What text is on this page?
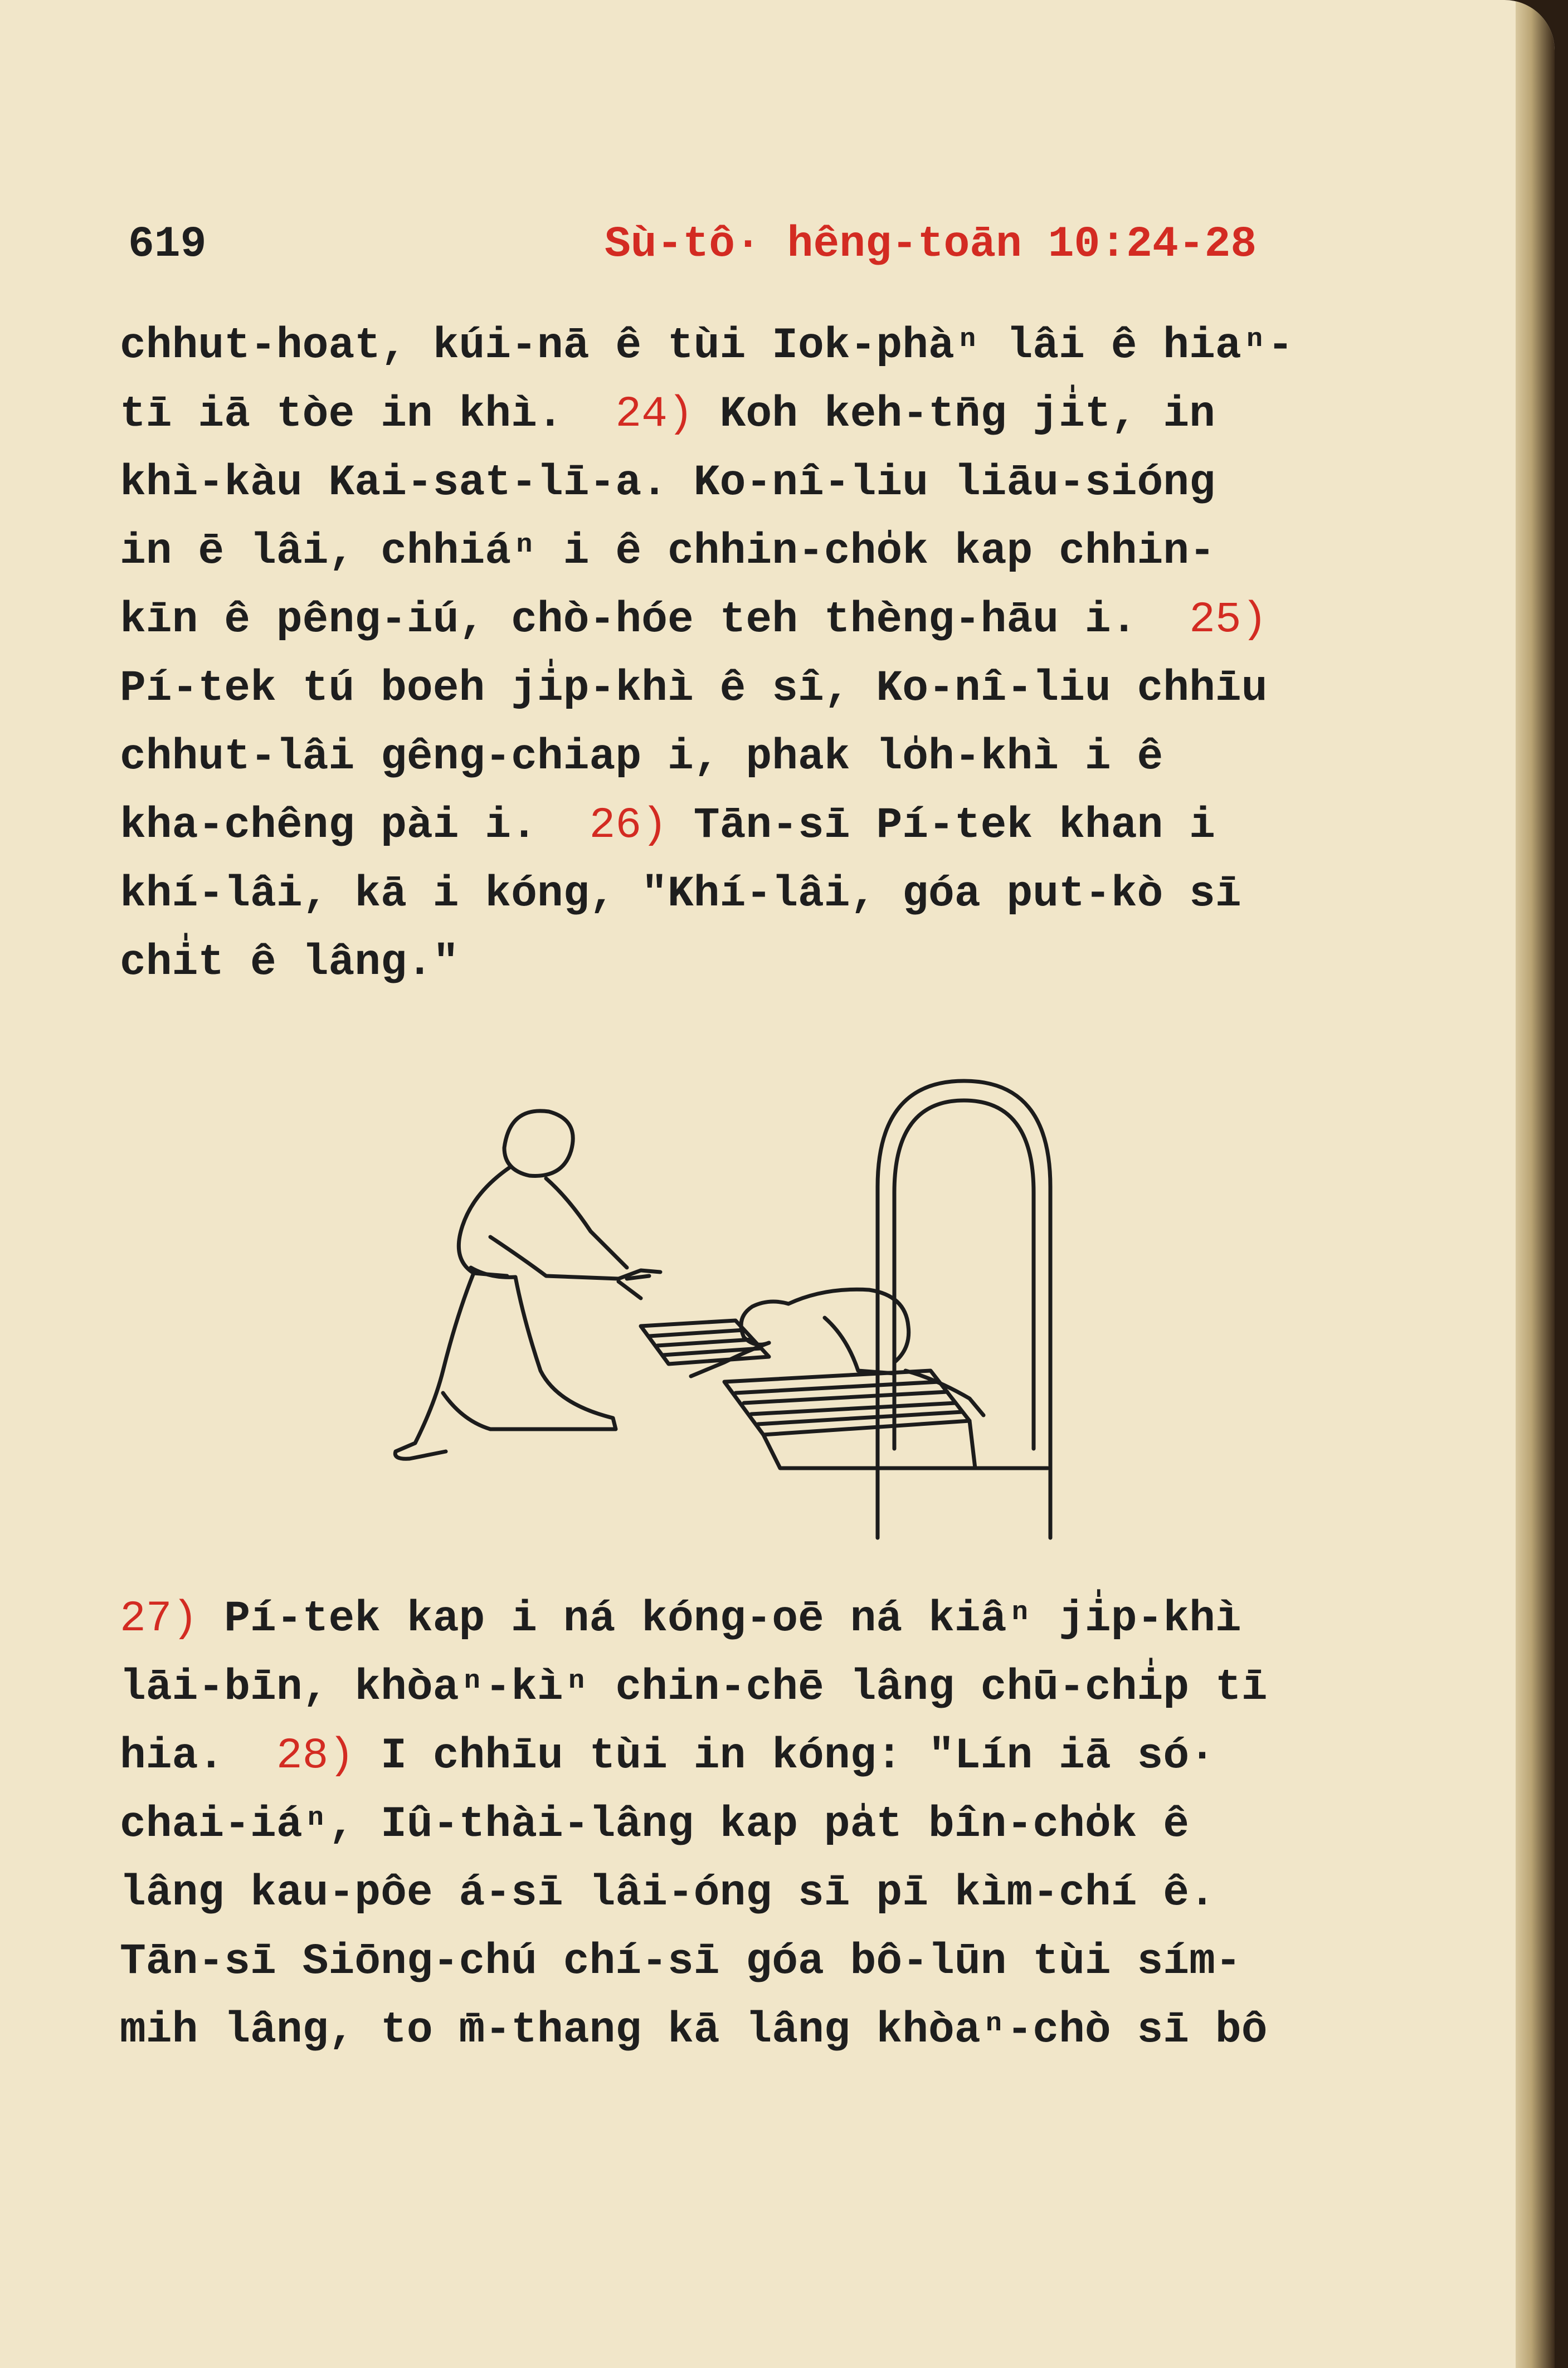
619	Sù-tô· hêng-toān 10:24-28
chhut-hoat, kúi-nā ê tùi Iok-phàⁿ lâi ê hiaⁿ-
tī iā tòe in khì.  24) Koh keh-tn̄g ji̍t, in
khì-kàu Kai-sat-lī-a. Ko-nî-liu liāu-sióng
in ē lâi, chhiáⁿ i ê chhin-cho̍k kap chhin-
kīn ê pêng-iú, chò-hóe teh thèng-hāu i.  25)
Pí-tek tú boeh ji̍p-khì ê sî, Ko-nî-liu chhīu
chhut-lâi gêng-chiap i, phak lo̍h-khì i ê
kha-chêng pài i.  26) Tān-sī Pí-tek khan i
khí-lâi, kā i kóng, "Khí-lâi, góa put-kò sī
chi̍t ê lâng."
27) Pí-tek kap i ná kóng-oē ná kiâⁿ ji̍p-khì
lāi-bīn, khòaⁿ-kìⁿ chin-chē lâng chū-chi̍p tī
hia.  28) I chhīu tùi in kóng: "Lín iā só·
chai-iáⁿ, Iû-thài-lâng kap pa̍t bîn-cho̍k ê
lâng kau-pôe á-sī lâi-óng sī pī kìm-chí ê.
Tān-sī Siōng-chú chí-sī góa bô-lūn tùi sím-
mih lâng, to m̄-thang kā lâng khòaⁿ-chò sī bô
